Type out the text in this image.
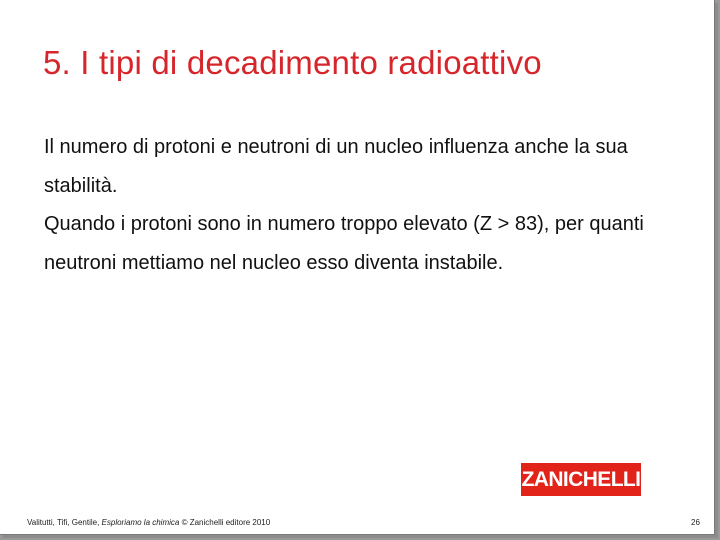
5. I tipi di decadimento radioattivo

Il numero di protoni e neutroni di un nucleo influenza anche la sua stabilità.

Quando i protoni sono in numero troppo elevato (Z > 83), per quanti neutroni mettiamo nel nucleo esso diventa instabile.

ZANICHELLI
Valitutti, Tifi, Gentile, Esploriamo la chimica © Zanichelli editore 2010	26
